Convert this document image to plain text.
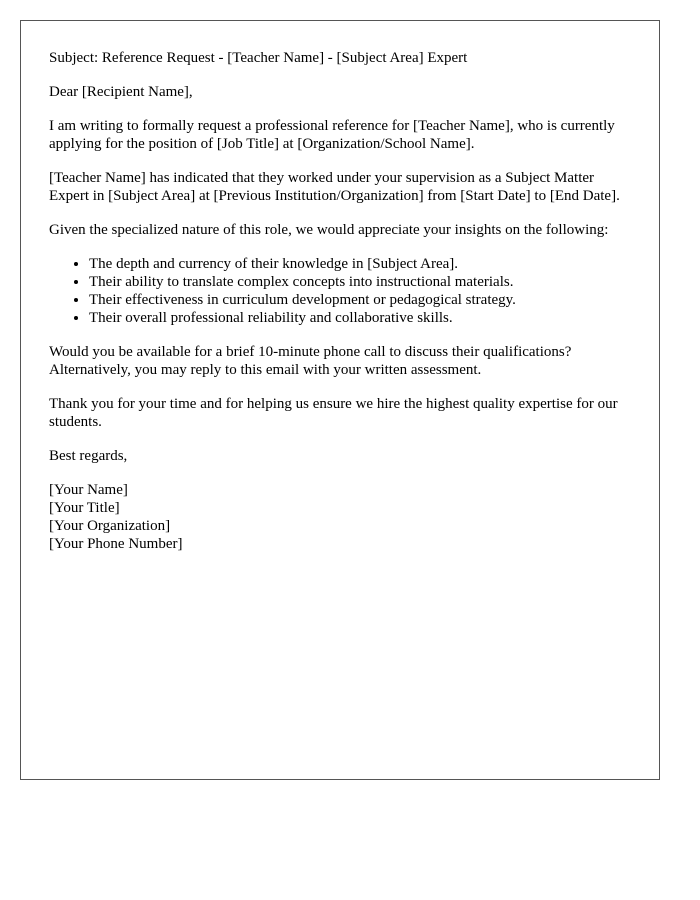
Subject: Reference Request - [Teacher Name] - [Subject Area] Expert

Dear [Recipient Name],

I am writing to formally request a professional reference for [Teacher Name], who is currently applying for the position of [Job Title] at [Organization/School Name].

[Teacher Name] has indicated that they worked under your supervision as a Subject Matter Expert in [Subject Area] at [Previous Institution/Organization] from [Start Date] to [End Date].

Given the specialized nature of this role, we would appreciate your insights on the following:

• The depth and currency of their knowledge in [Subject Area].
• Their ability to translate complex concepts into instructional materials.
• Their effectiveness in curriculum development or pedagogical strategy.
• Their overall professional reliability and collaborative skills.

Would you be available for a brief 10-minute phone call to discuss their qualifications? Alternatively, you may reply to this email with your written assessment.

Thank you for your time and for helping us ensure we hire the highest quality expertise for our students.

Best regards,

[Your Name]

[Your Title]

[Your Organization]

[Your Phone Number]
